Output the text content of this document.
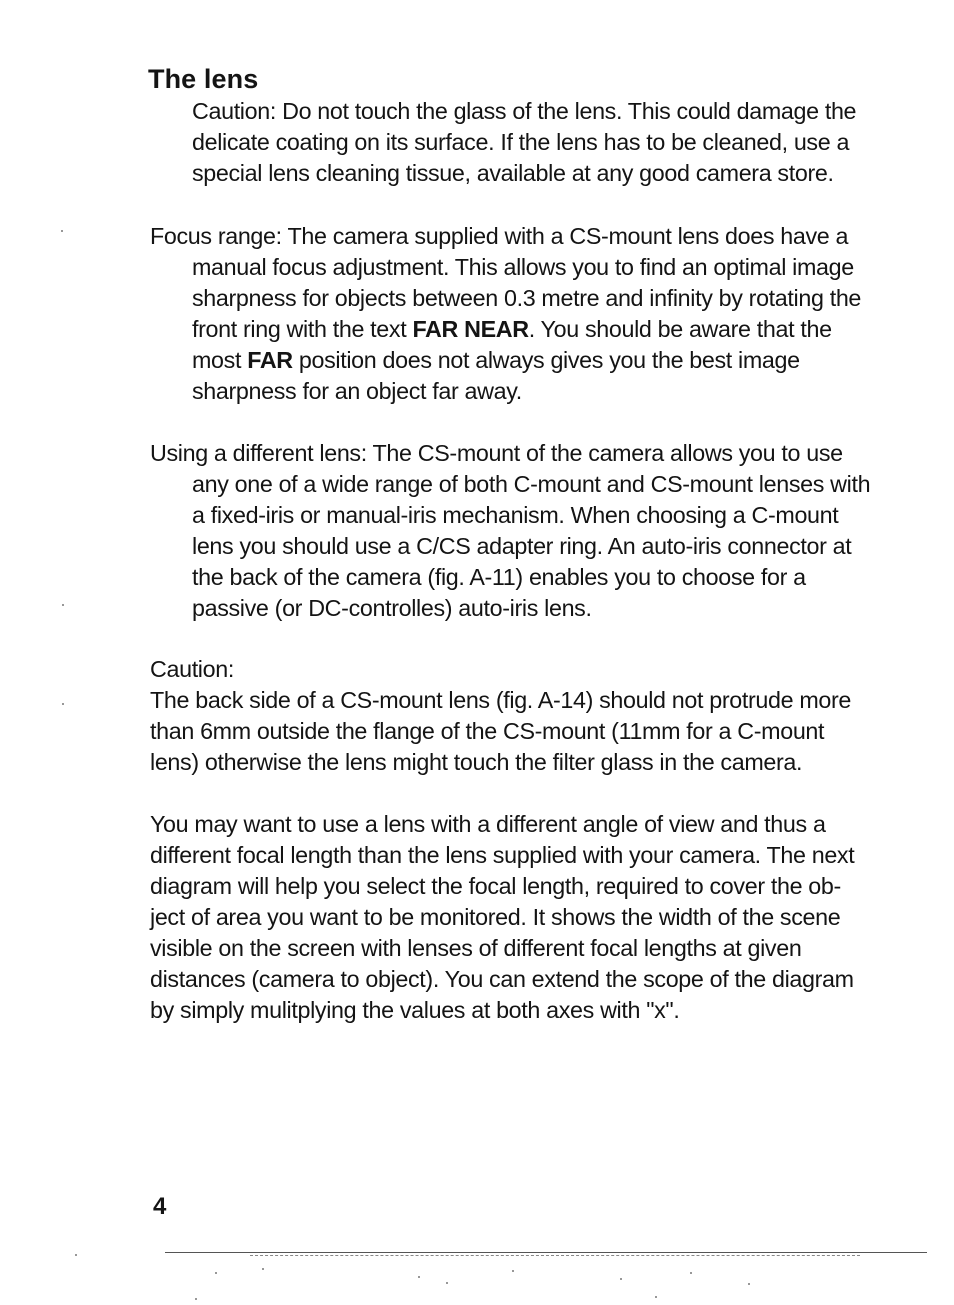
The lens

Caution: Do not touch the glass of the lens. This could damage the
delicate coating on its surface. If the lens has to be cleaned, use a
special lens cleaning tissue, available at any good camera store.

Focus range: The camera supplied with a CS-mount lens does have a
manual focus adjustment. This allows you to find an optimal image
sharpness for objects between 0.3 metre and infinity by rotating the
front ring with the text FAR NEAR. You should be aware that the
most FAR position does not always gives you the best image
sharpness for an object far away.

Using a different lens: The CS-mount of the camera allows you to use
any one of a wide range of both C-mount and CS-mount lenses with
a fixed-iris or manual-iris mechanism. When choosing a C-mount
lens you should use a C/CS adapter ring. An auto-iris connector at
the back of the camera (fig. A-11) enables you to choose for a
passive (or DC-controlles) auto-iris lens.

Caution:

The back side of a CS-mount lens (fig. A-14) should not protrude more
than 6mm outside the flange of the CS-mount (11mm for a C-mount
lens) otherwise the lens might touch the filter glass in the camera.

You may want to use a lens with a different angle of view and thus a
different focal length than the lens supplied with your camera. The next
diagram will help you select the focal length, required to cover the ob-
ject of area you want to be monitored. It shows the width of the scene
visible on the screen with lenses of different focal lengths at given
distances (camera to object). You can extend the scope of the diagram
by simply mulitplying the values at both axes with "x".

4
